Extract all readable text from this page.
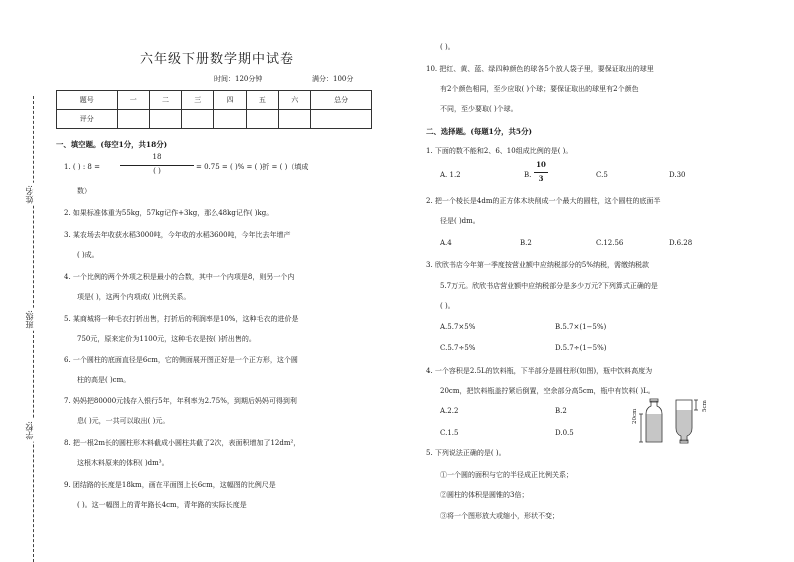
姓名:
班级:
学校:
六年级下册数学期中试卷
时间：120分钟	满分：100分
题号	一	二	三	四	五	六	总分
评分							
一、填空题。(每空1分，共18分)
1. ( ) : 8 =
18
( )	= 0.75 = ( )% = ( )折 = ( )（填成
数）
2. 如果标准体重为55kg，57kg记作+3kg，那么48kg记作( )kg。
3. 某农场去年收获水稻3000吨，今年收的水稻3600吨，今年比去年增产
( )成。
4. 一个比例的两个外项之积是最小的合数，其中一个内项是8，则另一个内
项是( )，这两个内项成( )比例关系。
5. 某商城将一种毛衣打折出售，打折后的利润率是10%，这种毛衣的进价是
750元，原来定价为1100元，这种毛衣是按( )折出售的。
6. 一个圆柱的底面直径是6cm，它的侧面展开图正好是一个正方形，这个圆
柱的高是( )cm。
7. 妈妈把80000元钱存入银行5年，年利率为2.75%，到期后妈妈可得到利
息( )元，一共可以取出( )元。
8. 把一根2m长的圆柱形木料截成小圆柱共截了2次，表面积增加了12dm²，
这根木料原来的体积( )dm³。
9. 团结路的长度是18km，画在平面图上长6cm，这幅图的比例尺是
( )。这一幅图上的青年路长4cm，青年路的实际长度是
( )。
10. 把红、黄、蓝、绿四种颜色的球各5个放人袋子里，要保证取出的球里
有2个颜色相同，至少应取( )个球；要保证取出的球里有2个颜色
不同，至少要取( )个球。
二、选择题。(每题1分，共5分)
1. 下面的数不能和2、6、10组成比例的是( )。
A. 1.2	B.
10
3	C.5	D.30
2. 把一个棱长是4dm的正方体木块削成一个最大的圆柱，这个圆柱的底面半
径是( )dm。
A.4	B.2	C.12.56	D.6.28
3. 欣欣书店今年第一季度按营业额中应纳税部分的5%纳税，需缴纳税款
5.7万元。欣欣书店营业额中应纳税部分是多少万元?下列算式正确的是
( )。
A.5.7×5%	B.5.7×(1−5%)
C.5.7÷5%	D.5.7÷(1−5%)
4. 一个容积是2.5L的饮料瓶，下半部分是圆柱形(如图)，瓶中饮料高度为
20cm，把饮料瓶盖拧紧后倒置，空余部分高5cm，瓶中有饮料( )L。
A.2.2	B.2
C.1.5	D.0.5
20cm
5cm
5. 下列说法正确的是( )。
①一个圆的面积与它的半径成正比例关系；
②圆柱的体积是圆锥的3倍；
③将一个图形放大或缩小，形状不变；
